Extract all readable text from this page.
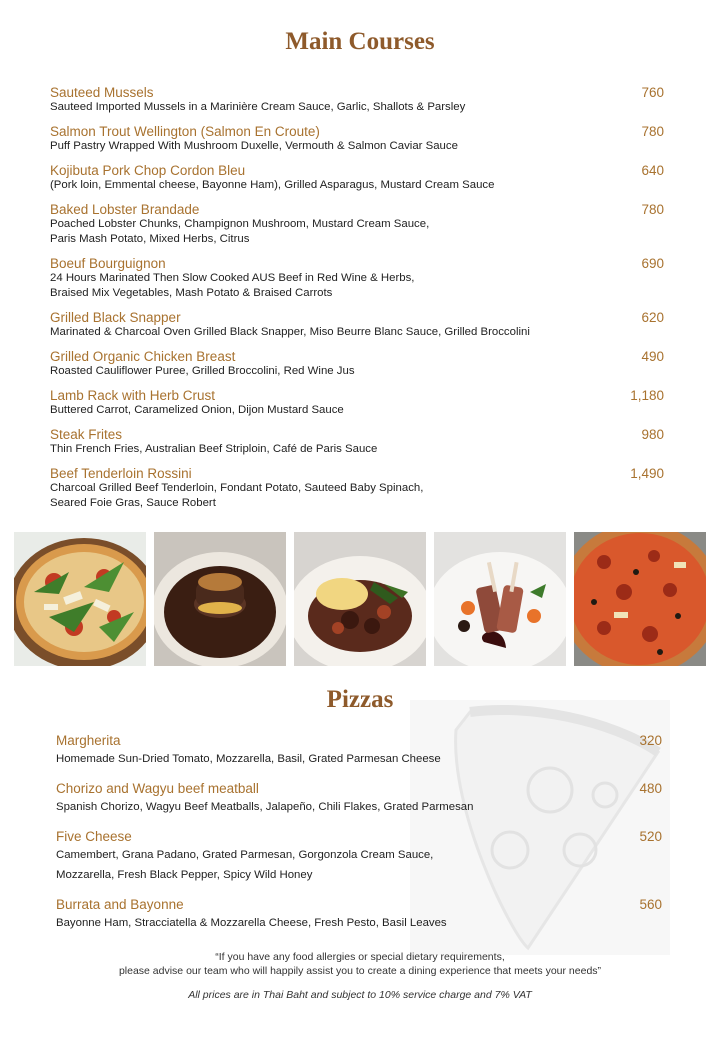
Main Courses
Sauteed Mussels	760
Sauteed Imported Mussels in a Marinière Cream Sauce, Garlic, Shallots & Parsley
Salmon Trout Wellington (Salmon En Croute)	780
Puff Pastry Wrapped With Mushroom Duxelle, Vermouth & Salmon Caviar Sauce
Kojibuta Pork Chop Cordon Bleu	640
(Pork loin, Emmental cheese, Bayonne Ham), Grilled Asparagus, Mustard Cream Sauce
Baked Lobster Brandade	780
Poached Lobster Chunks, Champignon Mushroom, Mustard Cream Sauce,
Paris Mash Potato, Mixed Herbs, Citrus
Boeuf Bourguignon	690
24 Hours Marinated Then Slow Cooked AUS Beef in Red Wine & Herbs,
Braised Mix Vegetables, Mash Potato & Braised Carrots
Grilled Black Snapper	620
Marinated & Charcoal Oven Grilled Black Snapper, Miso Beurre Blanc Sauce, Grilled Broccolini
Grilled Organic Chicken Breast	490
Roasted Cauliflower Puree, Grilled Broccolini, Red Wine Jus
Lamb Rack with Herb Crust	1,180
Buttered Carrot, Caramelized Onion, Dijon Mustard Sauce
Steak Frites	980
Thin French Fries, Australian Beef Striploin, Café de Paris Sauce
Beef Tenderloin Rossini	1,490
Charcoal Grilled Beef Tenderloin, Fondant Potato, Sauteed Baby Spinach,
Seared Foie Gras, Sauce Robert
Pizzas
Margherita	320
Homemade Sun-Dried Tomato, Mozzarella, Basil, Grated Parmesan Cheese
Chorizo and Wagyu beef meatball	480
Spanish Chorizo, Wagyu Beef Meatballs, Jalapeño, Chili Flakes, Grated Parmesan
Five Cheese	520
Camembert, Grana Padano, Grated Parmesan, Gorgonzola Cream Sauce,
Mozzarella, Fresh Black Pepper, Spicy Wild Honey
Burrata and Bayonne	560
Bayonne Ham, Stracciatella & Mozzarella Cheese, Fresh Pesto, Basil Leaves
“If you have any food allergies or special dietary requirements,
please advise our team who will happily assist you to create a dining experience that meets your needs”
All prices are in Thai Baht and subject to 10% service charge and 7% VAT
